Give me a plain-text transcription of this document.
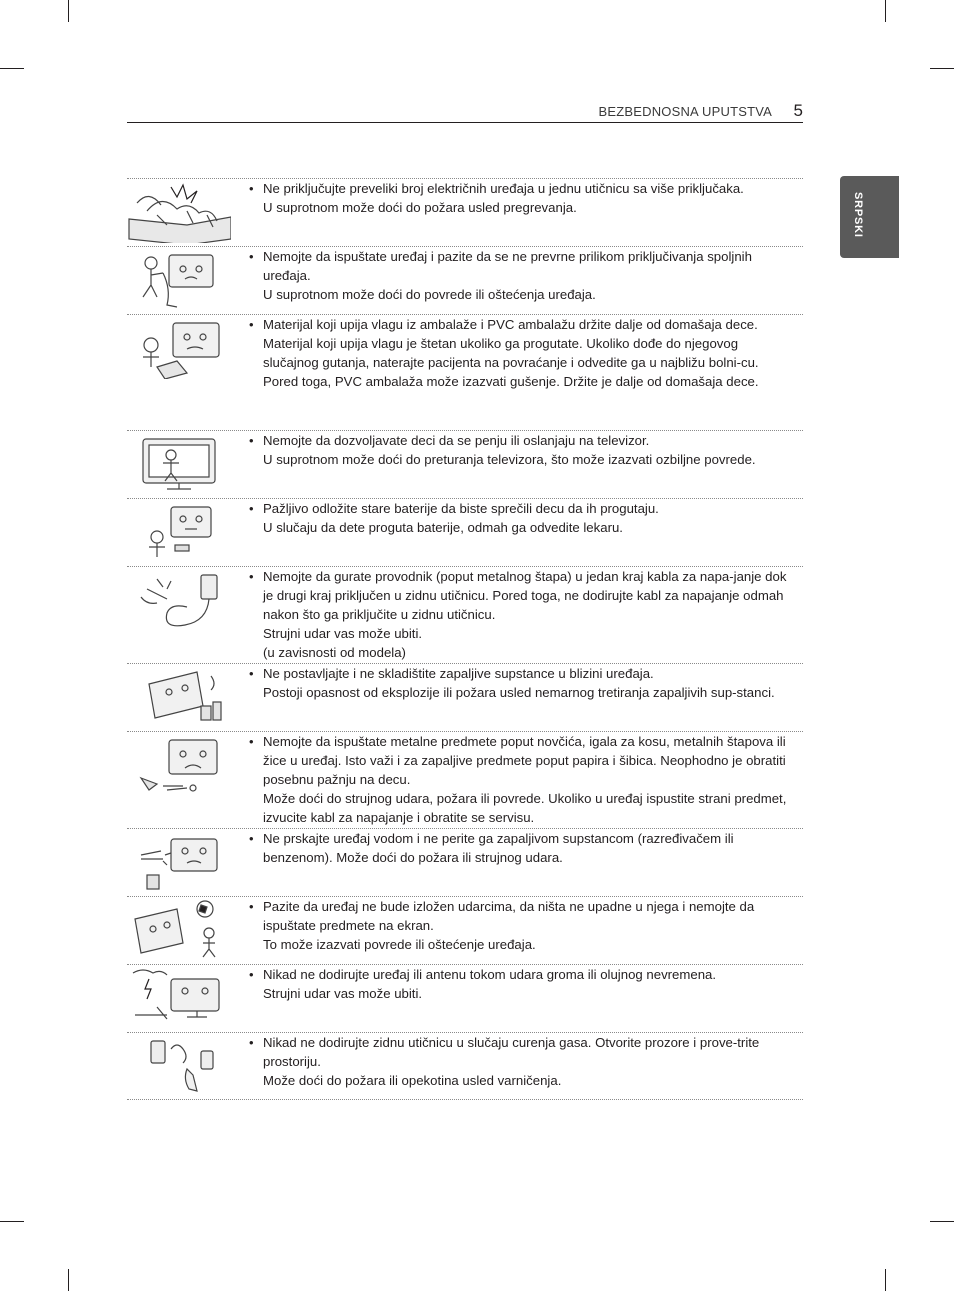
BEZBEDNOSNA UPUTSTVA 5
SRPSKI
• Ne priključujte preveliki broj električnih uređaja u jednu utičnicu sa više priključaka.
U suprotnom može doći do požara usled pregrevanja.
• Nemojte da ispuštate uređaj i pazite da se ne prevrne prilikom priključivanja spoljnih uređaja.
U suprotnom može doći do povrede ili oštećenja uređaja.
• Materijal koji upija vlagu iz ambalaže i PVC ambalažu držite dalje od domašaja dece.
Materijal koji upija vlagu je štetan ukoliko ga progutate. Ukoliko dođe do njegovog slučajnog gutanja, naterajte pacijenta na povraćanje i odvedite ga u najbližu bolni-cu. Pored toga, PVC ambalaža može izazvati gušenje. Držite je dalje od domašaja dece.
• Nemojte da dozvoljavate deci da se penju ili oslanjaju na televizor.
U suprotnom može doći do preturanja televizora, što može izazvati ozbiljne povrede.
• Pažljivo odložite stare baterije da biste sprečili decu da ih progutaju.
U slučaju da dete proguta baterije, odmah ga odvedite lekaru.
• Nemojte da gurate provodnik (poput metalnog štapa) u jedan kraj kabla za napa-janje dok je drugi kraj priključen u zidnu utičnicu. Pored toga, ne dodirujte kabl za napajanje odmah nakon što ga priključite u zidnu utičnicu.
Strujni udar vas može ubiti.
(u zavisnosti od modela)
• Ne postavljajte i ne skladištite zapaljive supstance u blizini uređaja.
Postoji opasnost od eksplozije ili požara usled nemarnog tretiranja zapaljivih sup-stanci.
• Nemojte da ispuštate metalne predmete poput novčića, igala za kosu, metalnih štapova ili žice u uređaj. Isto važi i za zapaljive predmete poput papira i šibica. Neophodno je obratiti posebnu pažnju na decu.
Može doći do strujnog udara, požara ili povrede. Ukoliko u uređaj ispustite strani predmet, izvucite kabl za napajanje i obratite se servisu.
• Ne prskajte uređaj vodom i ne perite ga zapaljivom supstancom (razređivačem ili benzenom). Može doći do požara ili strujnog udara.
• Pazite da uređaj ne bude izložen udarcima, da ništa ne upadne u njega i nemojte da ispuštate predmete na ekran.
To može izazvati povrede ili oštećenje uređaja.
• Nikad ne dodirujte uređaj ili antenu tokom udara groma ili olujnog nevremena.
Strujni udar vas može ubiti.
• Nikad ne dodirujte zidnu utičnicu u slučaju curenja gasa. Otvorite prozore i prove-trite prostoriju.
Može doći do požara ili opekotina usled varničenja.
